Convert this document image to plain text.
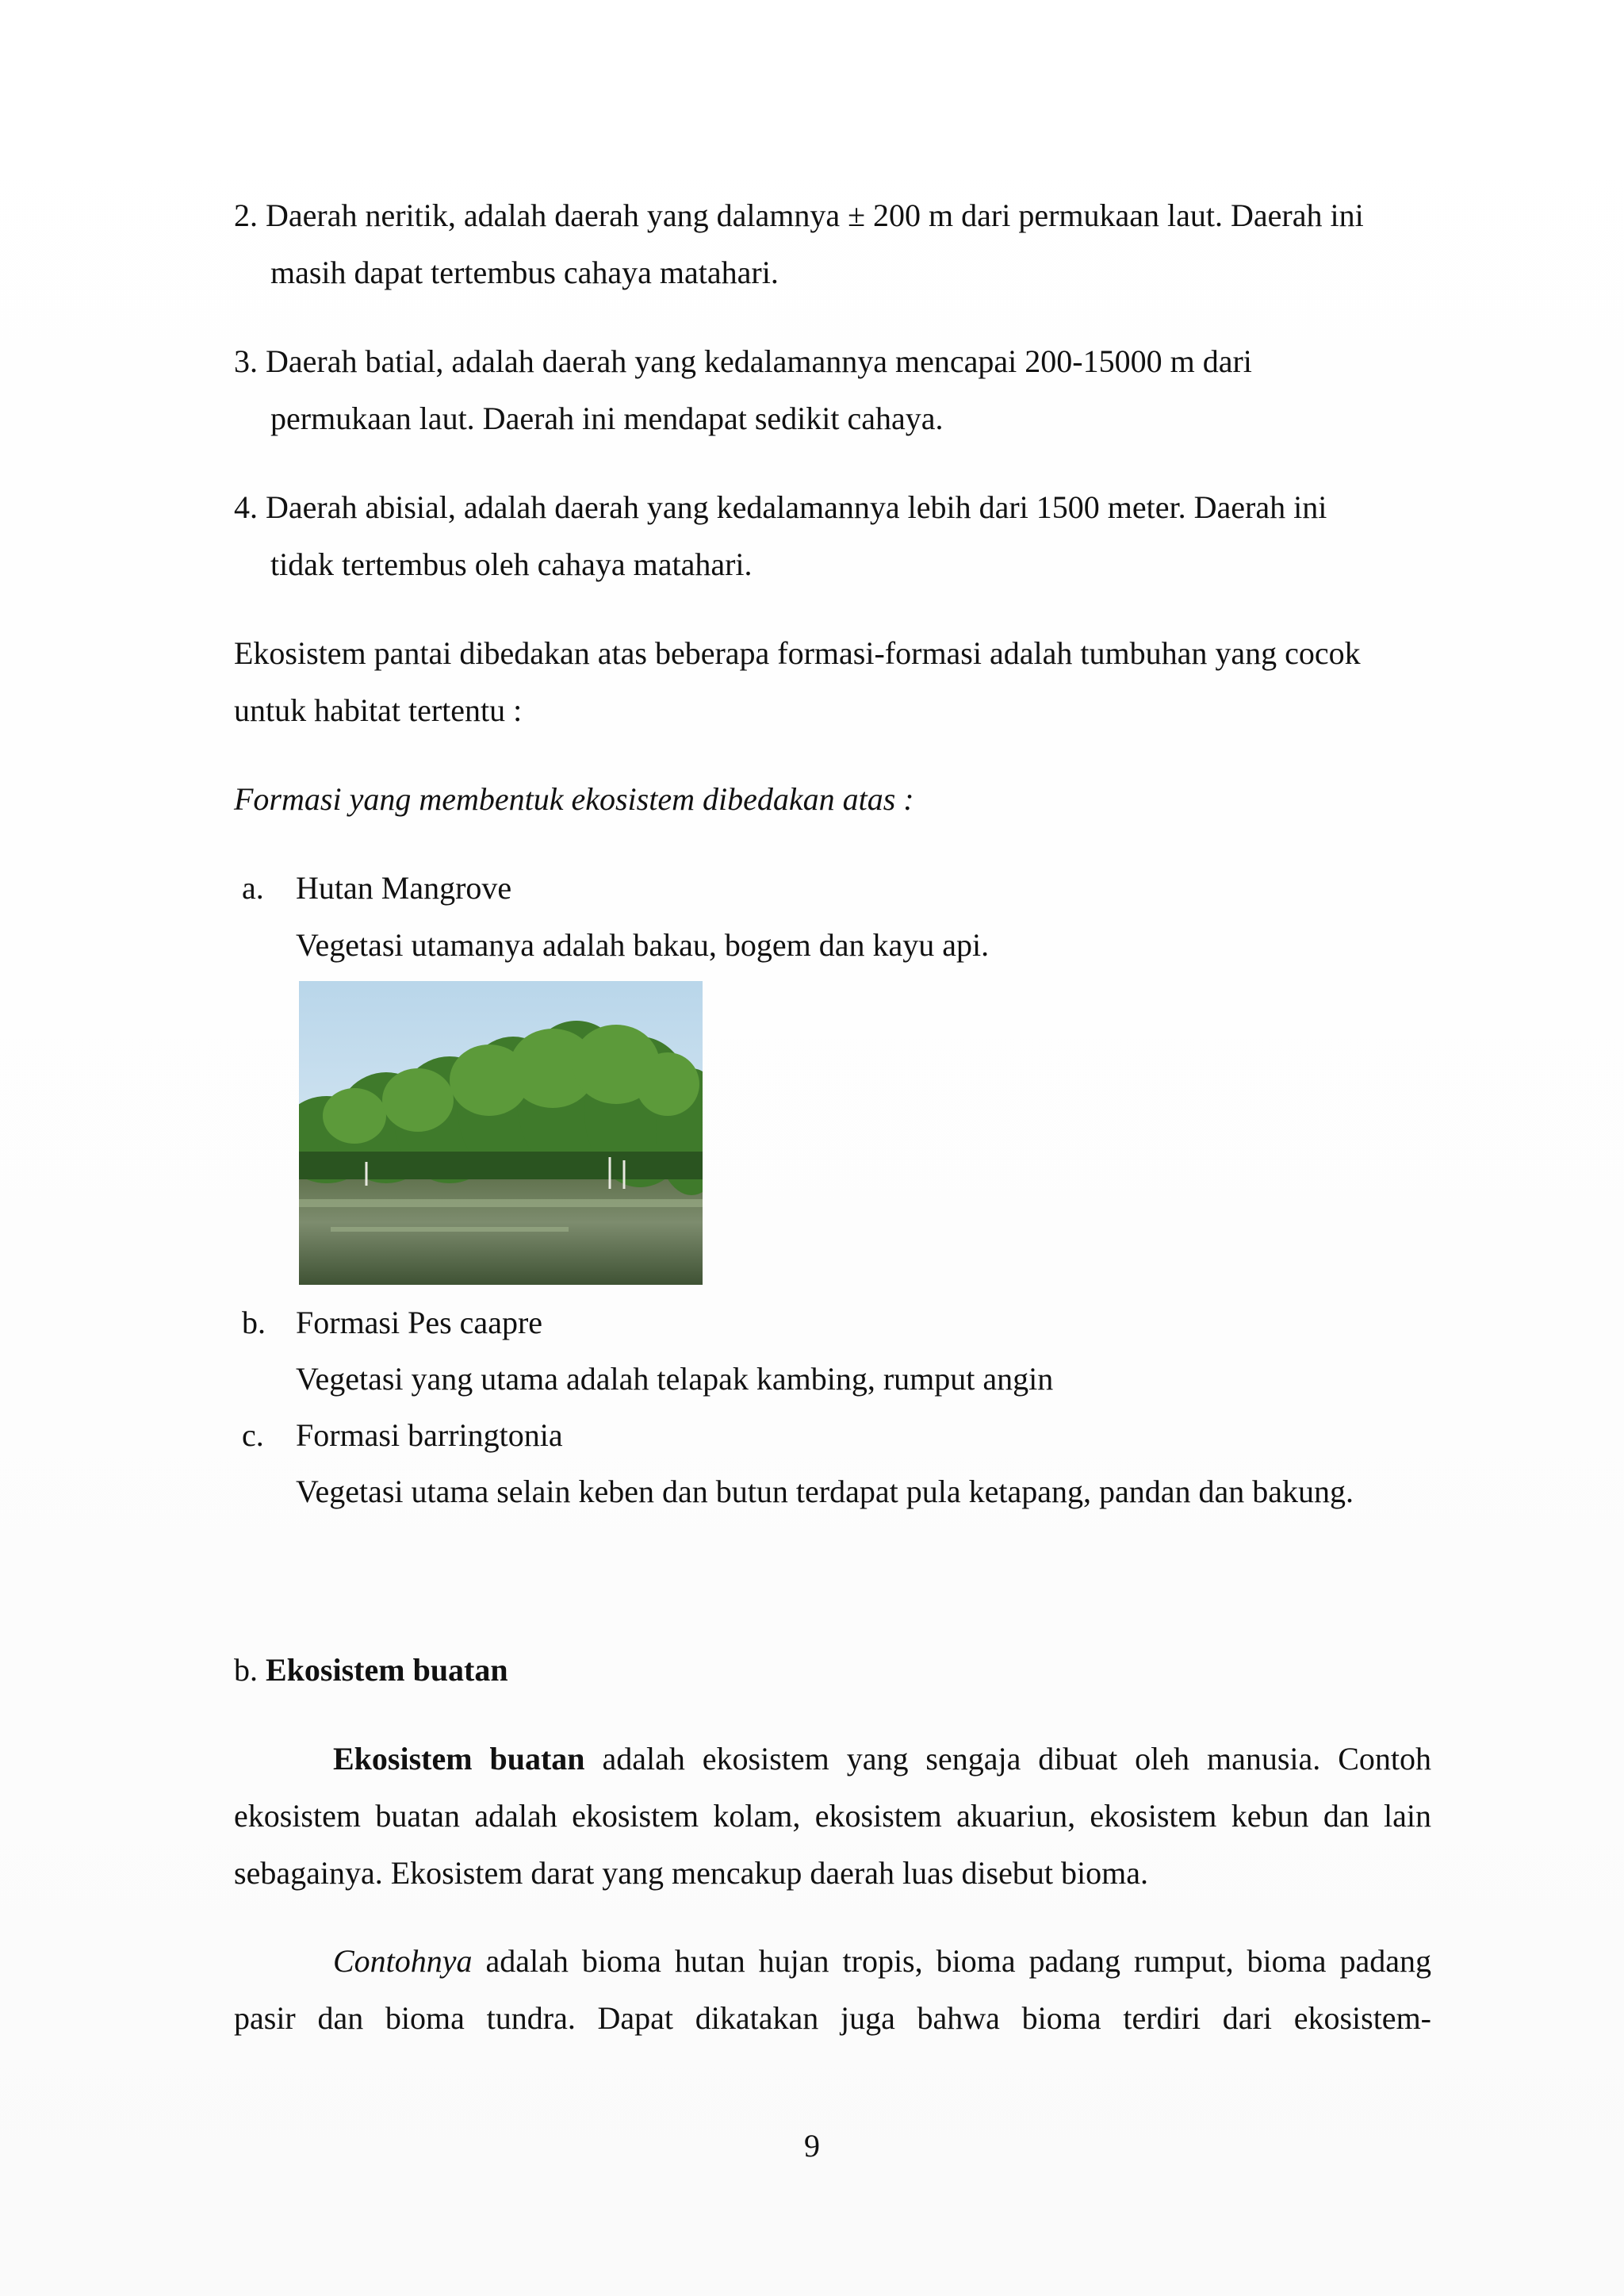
2. Daerah neritik, adalah daerah yang dalamnya ± 200 m dari permukaan laut. Daerah ini
masih dapat tertembus cahaya matahari.
3. Daerah batial, adalah daerah yang kedalamannya mencapai 200-15000 m dari
permukaan laut. Daerah ini mendapat sedikit cahaya.
4. Daerah abisial, adalah daerah yang kedalamannya lebih dari 1500 meter. Daerah ini
tidak tertembus oleh cahaya matahari.
Ekosistem pantai dibedakan atas beberapa formasi-formasi adalah tumbuhan yang cocok
untuk habitat tertentu :
Formasi yang membentuk ekosistem dibedakan atas :
a. Hutan Mangrove
Vegetasi utamanya adalah bakau, bogem dan kayu api.
b. Formasi Pes caapre
Vegetasi yang utama adalah telapak kambing, rumput angin
c. Formasi barringtonia
Vegetasi utama selain keben dan butun terdapat pula ketapang, pandan dan bakung.
b. Ekosistem buatan
Ekosistem buatan adalah ekosistem yang sengaja dibuat oleh manusia. Contoh
ekosistem buatan adalah ekosistem kolam, ekosistem akuariun, ekosistem kebun dan lain
sebagainya. Ekosistem darat yang mencakup daerah luas disebut bioma.
Contohnya adalah bioma hutan hujan tropis, bioma padang rumput, bioma padang
pasir dan bioma tundra. Dapat dikatakan juga bahwa bioma terdiri dari ekosistem-
9
